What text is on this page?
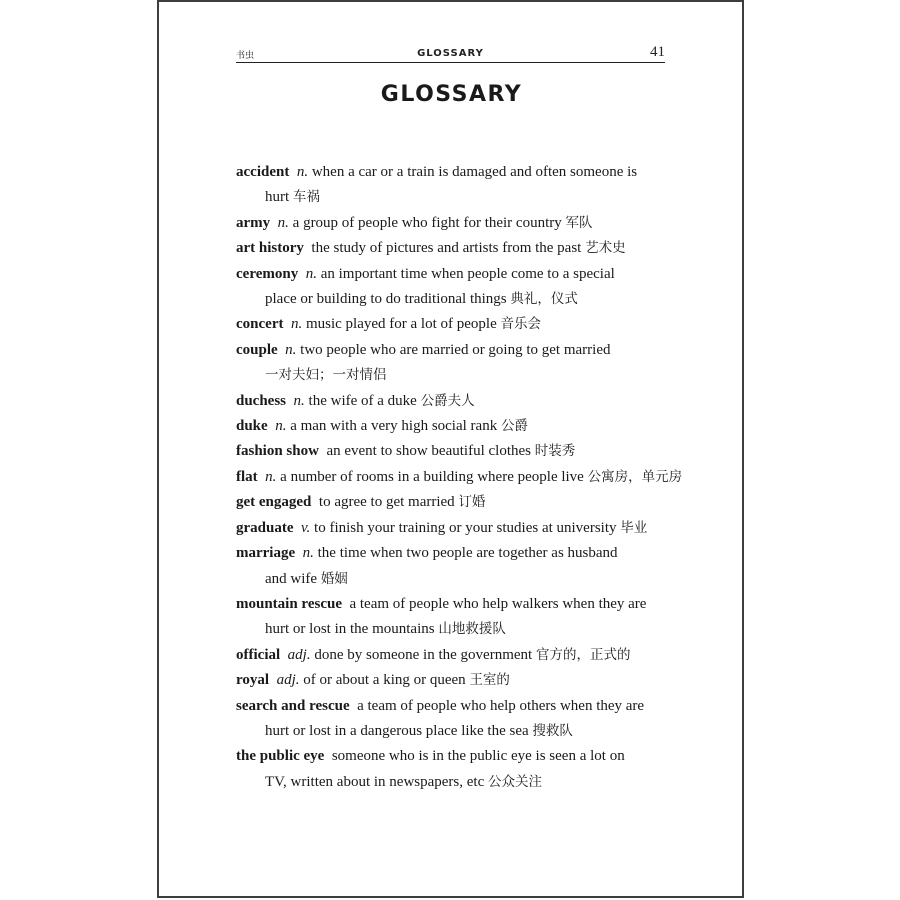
书虫	GLOSSARY	41
GLOSSARY
accident n. when a car or a train is damaged and often someone is
hurt 车祸
army n. a group of people who fight for their country 军队
art history the study of pictures and artists from the past 艺术史
ceremony n. an important time when people come to a special
place or building to do traditional things 典礼，仪式
concert n. music played for a lot of people 音乐会
couple n. two people who are married or going to get married
一对夫妇；一对情侣
duchess n. the wife of a duke 公爵夫人
duke n. a man with a very high social rank 公爵
fashion show an event to show beautiful clothes 时装秀
flat n. a number of rooms in a building where people live 公寓房，单元房
get engaged to agree to get married 订婚
graduate v. to finish your training or your studies at university 毕业
marriage n. the time when two people are together as husband
and wife 婚姻
mountain rescue a team of people who help walkers when they are
hurt or lost in the mountains 山地救援队
official adj. done by someone in the government 官方的，正式的
royal adj. of or about a king or queen 王室的
search and rescue a team of people who help others when they are
hurt or lost in a dangerous place like the sea 搜救队
the public eye someone who is in the public eye is seen a lot on
TV, written about in newspapers, etc 公众关注
